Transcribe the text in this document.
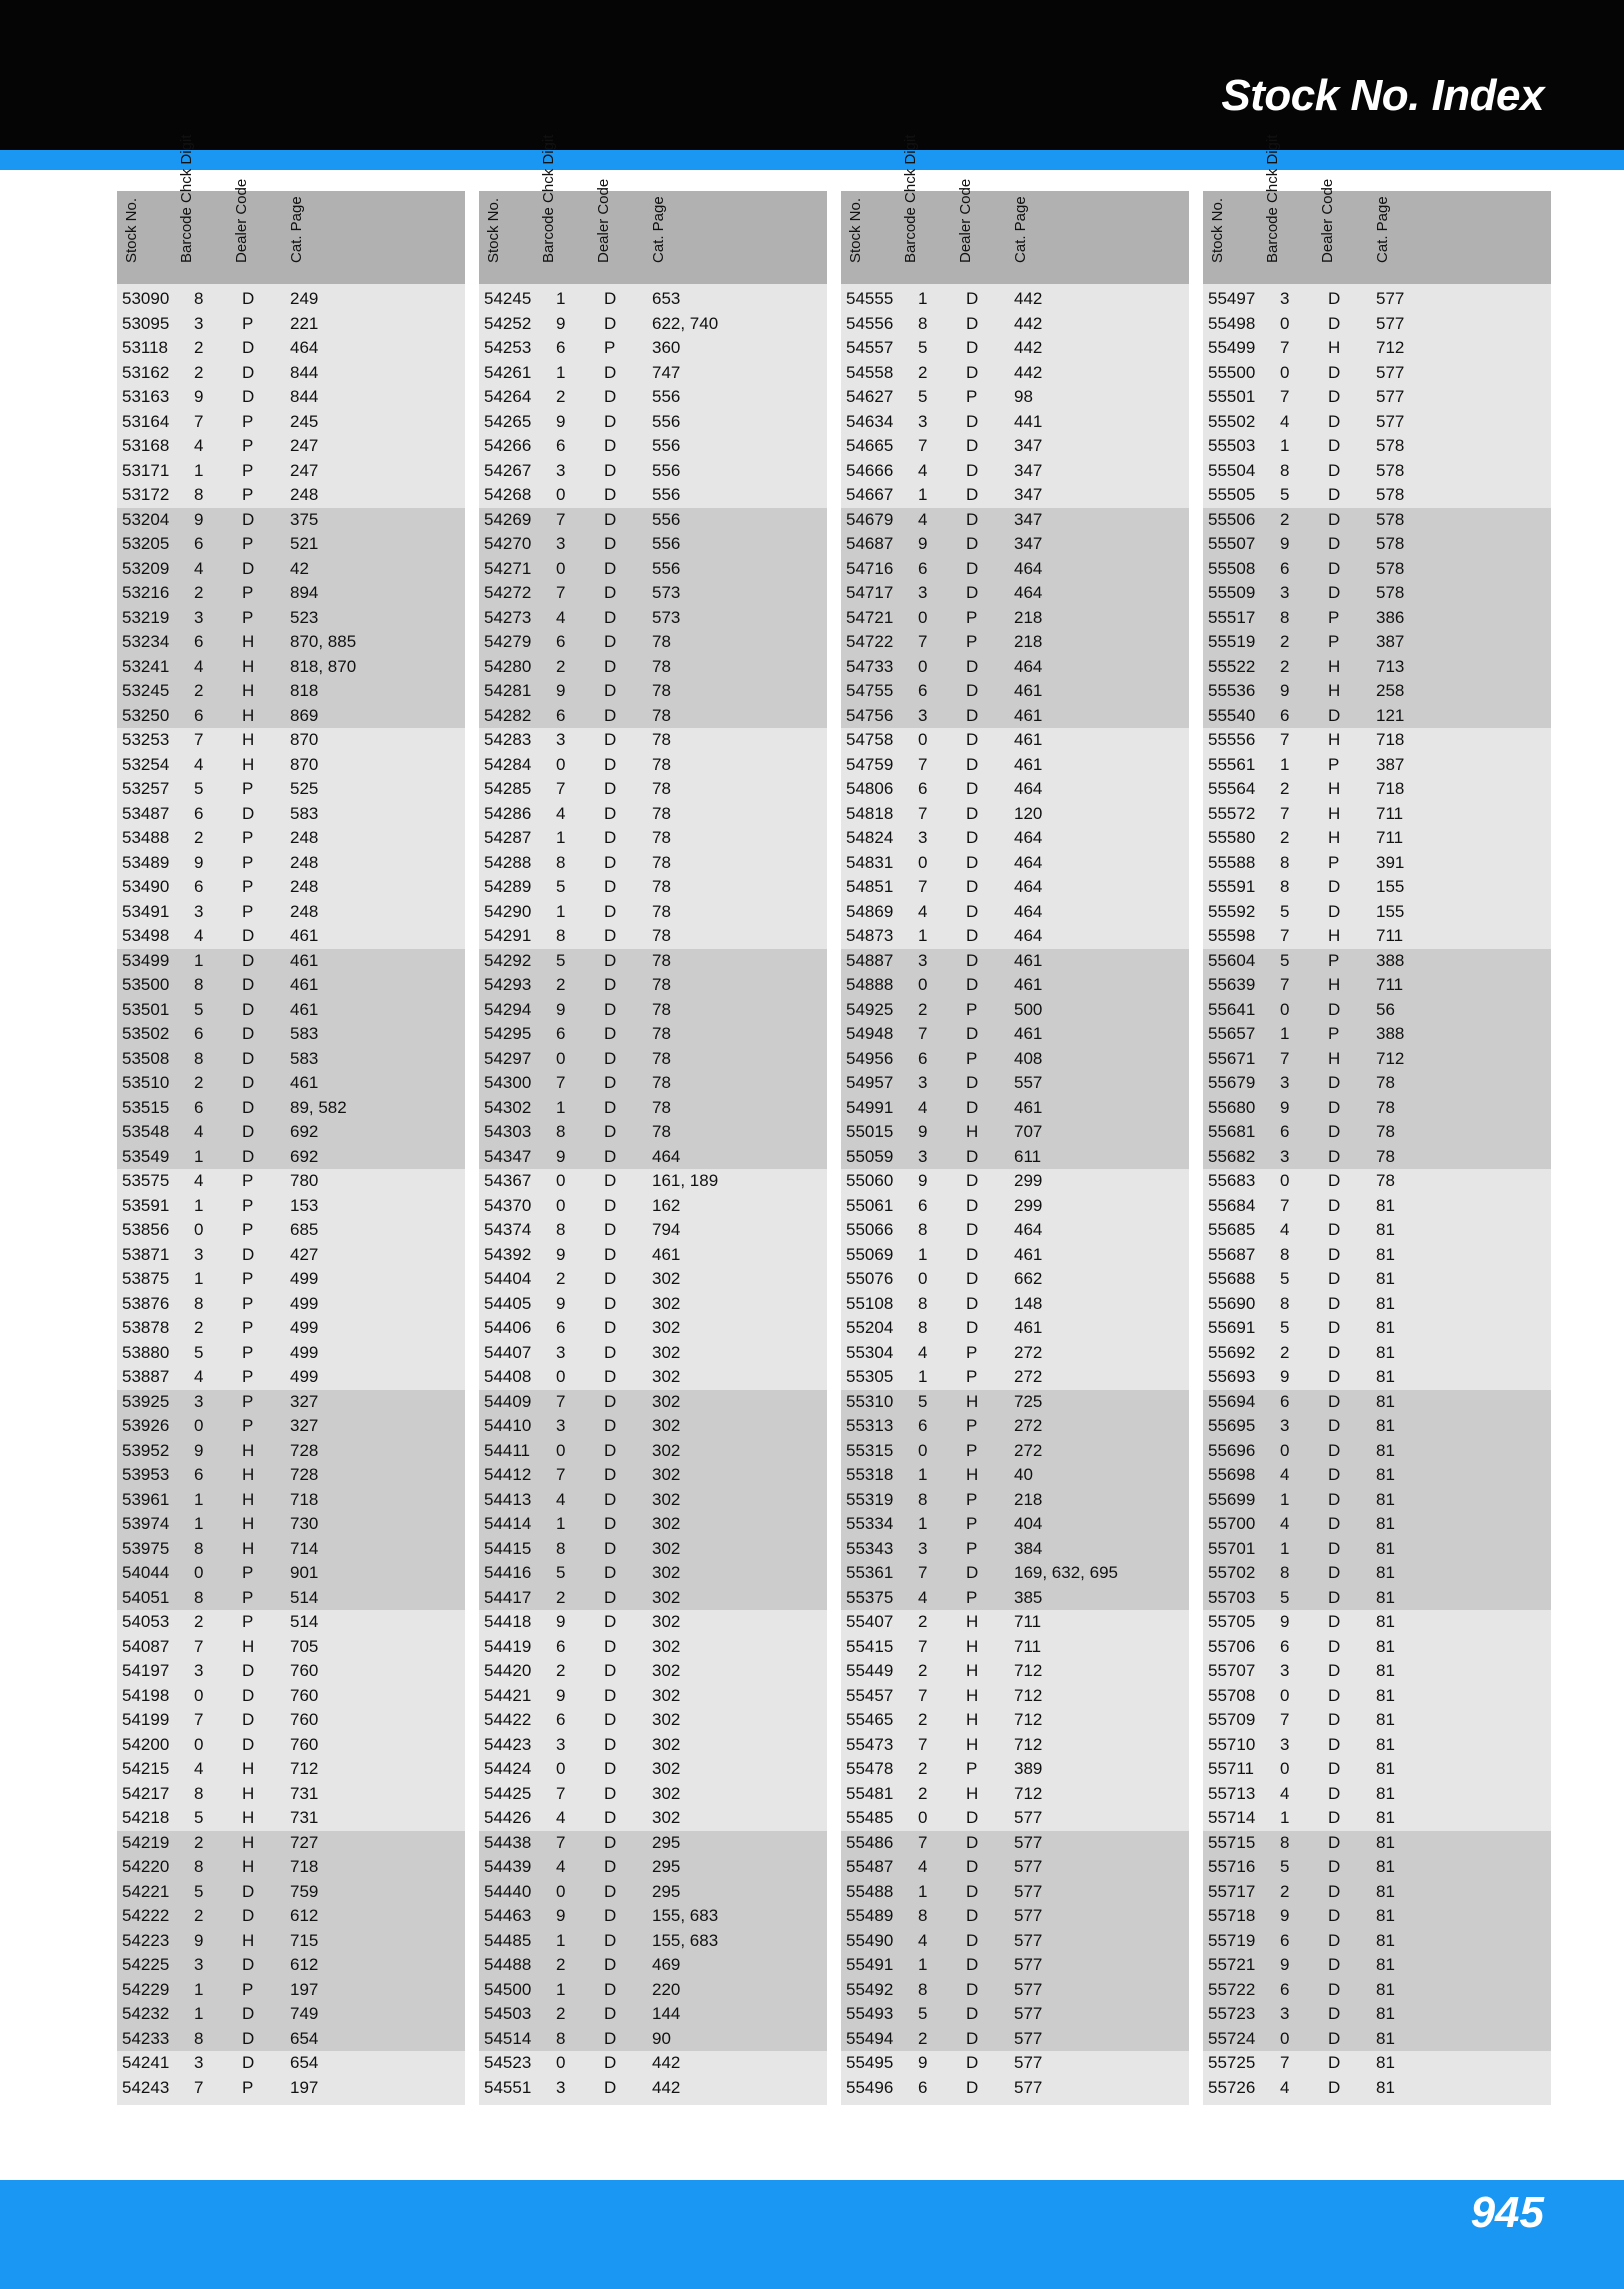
Stock No. Index
Stock No.	Barcode Chck Digit	Dealer Code	Cat. Page
53090 8 D 249
53095 3 P 221
53118 2 D 464
53162 2 D 844
53163 9 D 844
53164 7 P 245
53168 4 P 247
53171 1 P 247
53172 8 P 248
53204 9 D 375
53205 6 P 521
53209 4 D 42
53216 2 P 894
53219 3 P 523
53234 6 H 870, 885
53241 4 H 818, 870
53245 2 H 818
53250 6 H 869
53253 7 H 870
53254 4 H 870
53257 5 P 525
53487 6 D 583
53488 2 P 248
53489 9 P 248
53490 6 P 248
53491 3 P 248
53498 4 D 461
53499 1 D 461
53500 8 D 461
53501 5 D 461
53502 6 D 583
53508 8 D 583
53510 2 D 461
53515 6 D 89, 582
53548 4 D 692
53549 1 D 692
53575 4 P 780
53591 1 P 153
53856 0 P 685
53871 3 D 427
53875 1 P 499
53876 8 P 499
53878 2 P 499
53880 5 P 499
53887 4 P 499
53925 3 P 327
53926 0 P 327
53952 9 H 728
53953 6 H 728
53961 1 H 718
53974 1 H 730
53975 8 H 714
54044 0 P 901
54051 8 P 514
54053 2 P 514
54087 7 H 705
54197 3 D 760
54198 0 D 760
54199 7 D 760
54200 0 D 760
54215 4 H 712
54217 8 H 731
54218 5 H 731
54219 2 H 727
54220 8 H 718
54221 5 D 759
54222 2 D 612
54223 9 H 715
54225 3 D 612
54229 1 P 197
54232 1 D 749
54233 8 D 654
54241 3 D 654
54243 7 P 197
Stock No.	Barcode Chck Digit	Dealer Code	Cat. Page
54245 1 D 653
54252 9 D 622, 740
54253 6 P 360
54261 1 D 747
54264 2 D 556
54265 9 D 556
54266 6 D 556
54267 3 D 556
54268 0 D 556
54269 7 D 556
54270 3 D 556
54271 0 D 556
54272 7 D 573
54273 4 D 573
54279 6 D 78
54280 2 D 78
54281 9 D 78
54282 6 D 78
54283 3 D 78
54284 0 D 78
54285 7 D 78
54286 4 D 78
54287 1 D 78
54288 8 D 78
54289 5 D 78
54290 1 D 78
54291 8 D 78
54292 5 D 78
54293 2 D 78
54294 9 D 78
54295 6 D 78
54297 0 D 78
54300 7 D 78
54302 1 D 78
54303 8 D 78
54347 9 D 464
54367 0 D 161, 189
54370 0 D 162
54374 8 D 794
54392 9 D 461
54404 2 D 302
54405 9 D 302
54406 6 D 302
54407 3 D 302
54408 0 D 302
54409 7 D 302
54410 3 D 302
54411 0 D 302
54412 7 D 302
54413 4 D 302
54414 1 D 302
54415 8 D 302
54416 5 D 302
54417 2 D 302
54418 9 D 302
54419 6 D 302
54420 2 D 302
54421 9 D 302
54422 6 D 302
54423 3 D 302
54424 0 D 302
54425 7 D 302
54426 4 D 302
54438 7 D 295
54439 4 D 295
54440 0 D 295
54463 9 D 155, 683
54485 1 D 155, 683
54488 2 D 469
54500 1 D 220
54503 2 D 144
54514 8 D 90
54523 0 D 442
54551 3 D 442
Stock No.	Barcode Chck Digit	Dealer Code	Cat. Page
54555 1 D 442
54556 8 D 442
54557 5 D 442
54558 2 D 442
54627 5 P 98
54634 3 D 441
54665 7 D 347
54666 4 D 347
54667 1 D 347
54679 4 D 347
54687 9 D 347
54716 6 D 464
54717 3 D 464
54721 0 P 218
54722 7 P 218
54733 0 D 464
54755 6 D 461
54756 3 D 461
54758 0 D 461
54759 7 D 461
54806 6 D 464
54818 7 D 120
54824 3 D 464
54831 0 D 464
54851 7 D 464
54869 4 D 464
54873 1 D 464
54887 3 D 461
54888 0 D 461
54925 2 P 500
54948 7 D 461
54956 6 P 408
54957 3 D 557
54991 4 D 461
55015 9 H 707
55059 3 D 611
55060 9 D 299
55061 6 D 299
55066 8 D 464
55069 1 D 461
55076 0 D 662
55108 8 D 148
55204 8 D 461
55304 4 P 272
55305 1 P 272
55310 5 H 725
55313 6 P 272
55315 0 P 272
55318 1 H 40
55319 8 P 218
55334 1 P 404
55343 3 P 384
55361 7 D 169, 632, 695
55375 4 P 385
55407 2 H 711
55415 7 H 711
55449 2 H 712
55457 7 H 712
55465 2 H 712
55473 7 H 712
55478 2 P 389
55481 2 H 712
55485 0 D 577
55486 7 D 577
55487 4 D 577
55488 1 D 577
55489 8 D 577
55490 4 D 577
55491 1 D 577
55492 8 D 577
55493 5 D 577
55494 2 D 577
55495 9 D 577
55496 6 D 577
Stock No.	Barcode Chck Digit	Dealer Code	Cat. Page
55497 3 D 577
55498 0 D 577
55499 7 H 712
55500 0 D 577
55501 7 D 577
55502 4 D 577
55503 1 D 578
55504 8 D 578
55505 5 D 578
55506 2 D 578
55507 9 D 578
55508 6 D 578
55509 3 D 578
55517 8 P 386
55519 2 P 387
55522 2 H 713
55536 9 H 258
55540 6 D 121
55556 7 H 718
55561 1 P 387
55564 2 H 718
55572 7 H 711
55580 2 H 711
55588 8 P 391
55591 8 D 155
55592 5 D 155
55598 7 H 711
55604 5 P 388
55639 7 H 711
55641 0 D 56
55657 1 P 388
55671 7 H 712
55679 3 D 78
55680 9 D 78
55681 6 D 78
55682 3 D 78
55683 0 D 78
55684 7 D 81
55685 4 D 81
55687 8 D 81
55688 5 D 81
55690 8 D 81
55691 5 D 81
55692 2 D 81
55693 9 D 81
55694 6 D 81
55695 3 D 81
55696 0 D 81
55698 4 D 81
55699 1 D 81
55700 4 D 81
55701 1 D 81
55702 8 D 81
55703 5 D 81
55705 9 D 81
55706 6 D 81
55707 3 D 81
55708 0 D 81
55709 7 D 81
55710 3 D 81
55711 0 D 81
55713 4 D 81
55714 1 D 81
55715 8 D 81
55716 5 D 81
55717 2 D 81
55718 9 D 81
55719 6 D 81
55721 9 D 81
55722 6 D 81
55723 3 D 81
55724 0 D 81
55725 7 D 81
55726 4 D 81
945
